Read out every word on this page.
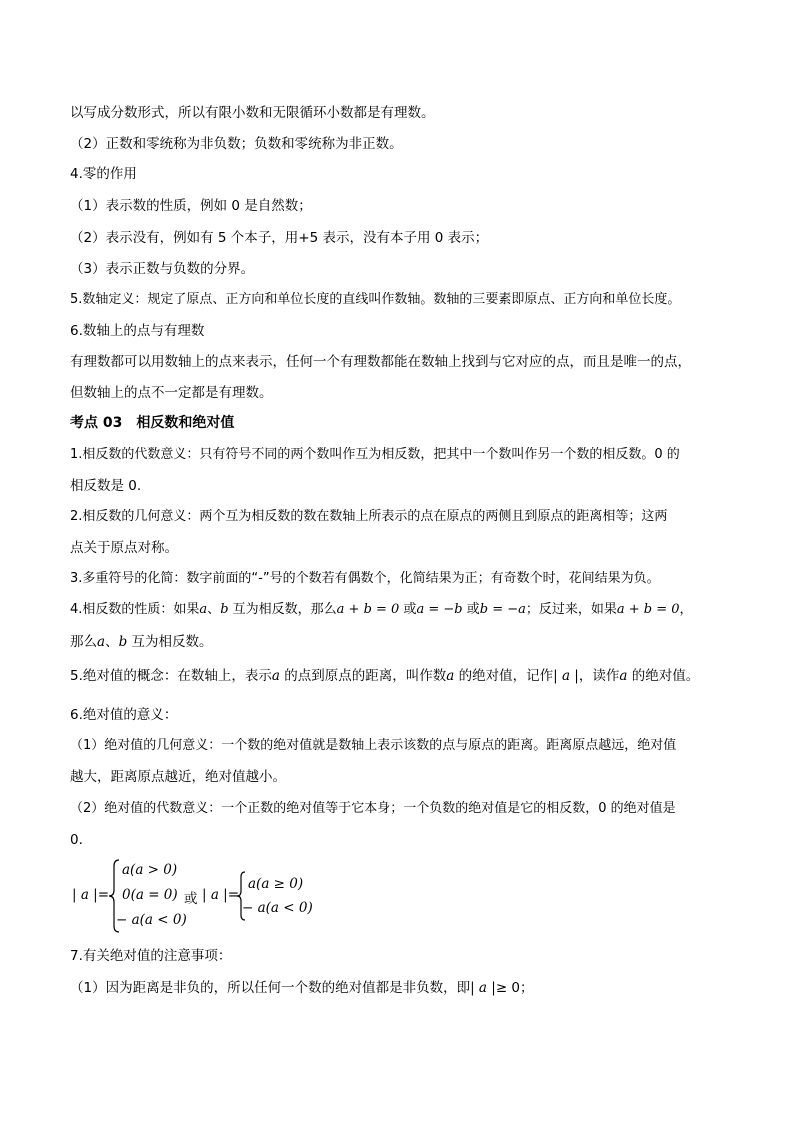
以写成分数形式，所以有限小数和无限循环小数都是有理数。
（2）正数和零统称为非负数；负数和零统称为非正数。
4.零的作用
（1）表示数的性质，例如 0 是自然数；
（2）表示没有，例如有 5 个本子，用+5 表示，没有本子用 0 表示；
（3）表示正数与负数的分界。
5.数轴定义：规定了原点、正方向和单位长度的直线叫作数轴。数轴的三要素即原点、正方向和单位长度。
6.数轴上的点与有理数
有理数都可以用数轴上的点来表示，任何一个有理数都能在数轴上找到与它对应的点，而且是唯一的点，
但数轴上的点不一定都是有理数。
考点 03　相反数和绝对值
1.相反数的代数意义：只有符号不同的两个数叫作互为相反数，把其中一个数叫作另一个数的相反数。0 的
相反数是 0.
2.相反数的几何意义：两个互为相反数的数在数轴上所表示的点在原点的两侧且到原点的距离相等；这两
点关于原点对称。
3.多重符号的化简：数字前面的“-”号的个数若有偶数个，化简结果为正；有奇数个时，花间结果为负。
4.相反数的性质：如果a、b 互为相反数，那么a + b = 0 或a = −b 或b = −a；反过来，如果a + b = 0，
那么a、b 互为相反数。
5.绝对值的概念：在数轴上，表示a 的点到原点的距离，叫作数a 的绝对值，记作| a |，读作a 的绝对值。
6.绝对值的意义：
（1）绝对值的几何意义：一个数的绝对值就是数轴上表示该数的点与原点的距离。距离原点越远，绝对值
越大，距离原点越近，绝对值越小。
（2）绝对值的代数意义：一个正数的绝对值等于它本身；一个负数的绝对值是它的相反数，0 的绝对值是
0.
| a |=
a(a > 0)
0(a = 0)
− a(a < 0)
或 | a |=
a(a ≥ 0)
− a(a < 0)
7.有关绝对值的注意事项：
（1）因为距离是非负的，所以任何一个数的绝对值都是非负数，即| a |≥ 0；
